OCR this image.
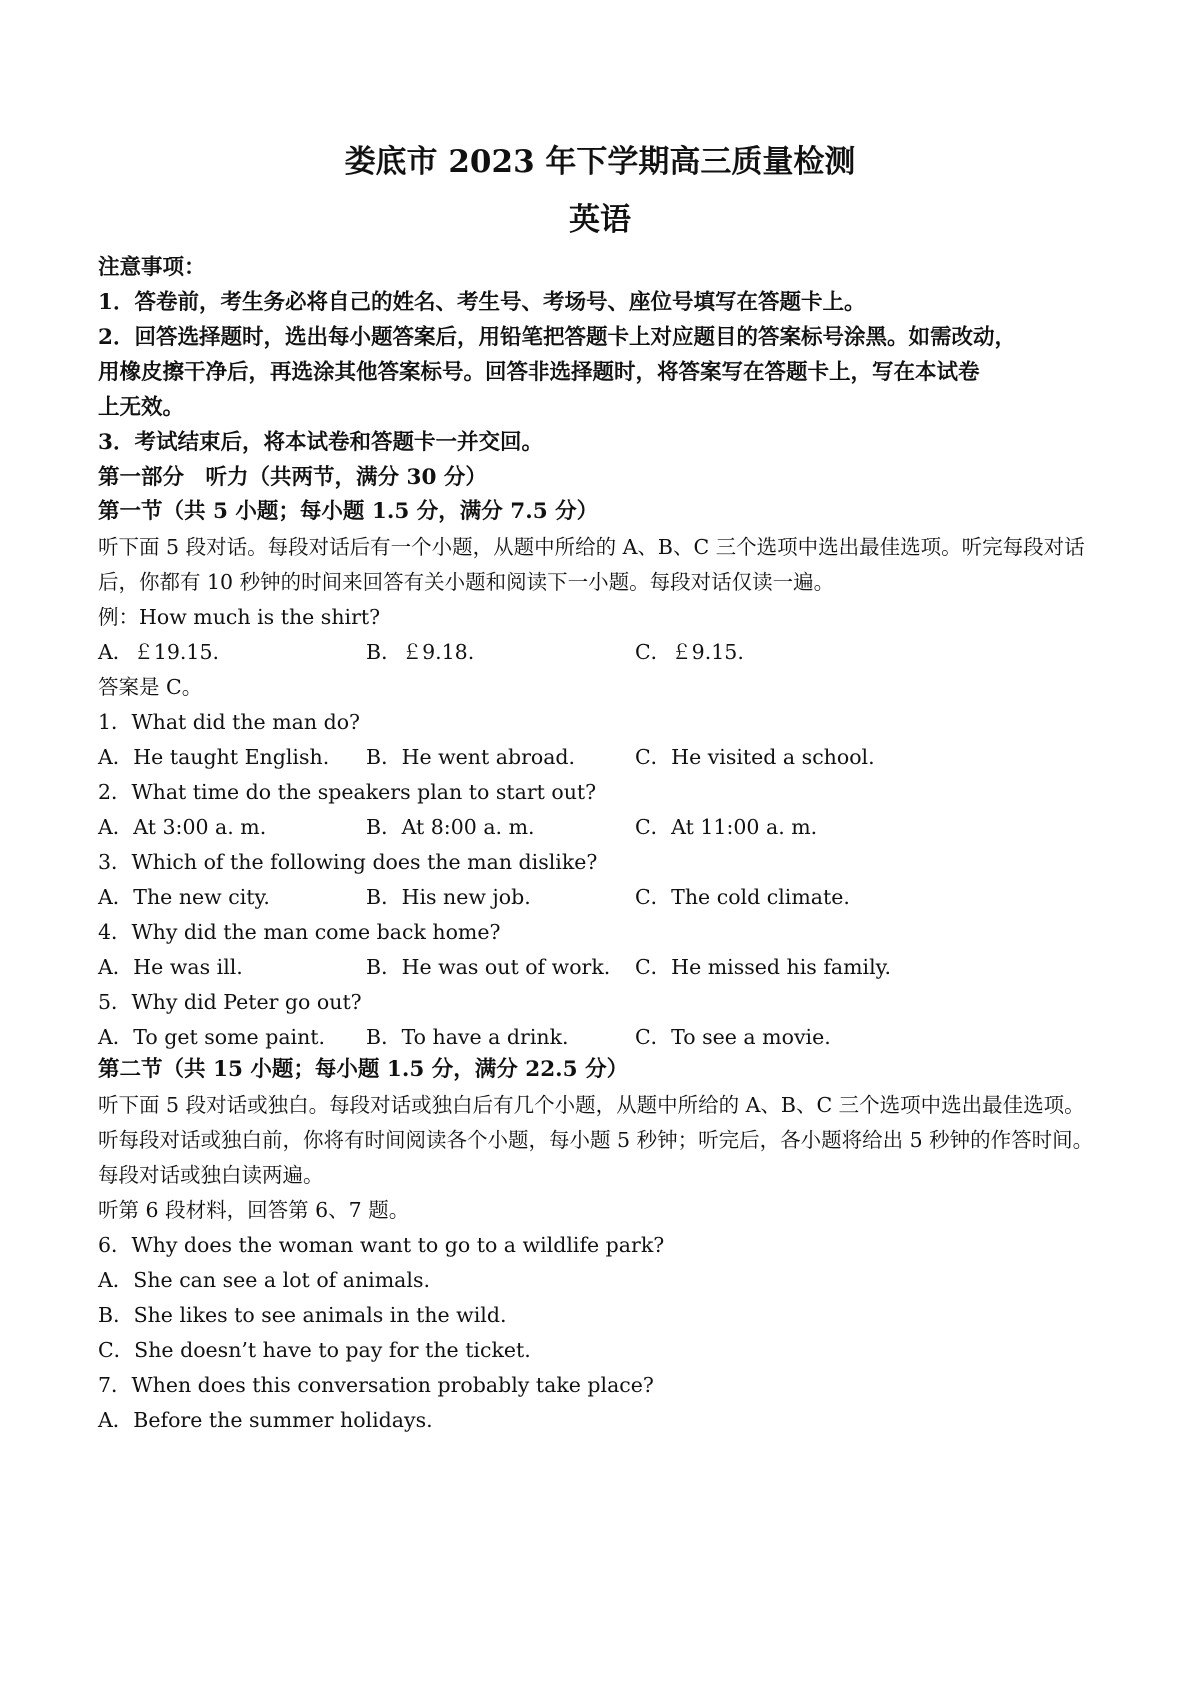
娄底市 2023 年下学期高三质量检测
英语
注意事项：
1．答卷前，考生务必将自己的姓名、考生号、考场号、座位号填写在答题卡上。
2．回答选择题时，选出每小题答案后，用铅笔把答题卡上对应题目的答案标号涂黑。如需改动，
用橡皮擦干净后，再选涂其他答案标号。回答非选择题时，将答案写在答题卡上，写在本试卷
上无效。
3．考试结束后，将本试卷和答题卡一并交回。
第一部分　听力（共两节，满分 30 分）
第一节（共 5 小题；每小题 1.5 分，满分 7.5 分）
听下面 5 段对话。每段对话后有一个小题，从题中所给的 A、B、C 三个选项中选出最佳选项。听完每段对话
后，你都有 10 秒钟的时间来回答有关小题和阅读下一小题。每段对话仅读一遍。
例：How much is the shirt?
A．￡19.15.	B．￡9.18.	C．￡9.15.
答案是 C。
1．What did the man do?
A．He taught English. B．He went abroad.	C．He visited a school.
2．What time do the speakers plan to start out?
A．At 3:00 a. m.	B．At 8:00 a. m.	C．At 11:00 a. m.
3．Which of the following does the man dislike?
A．The new city.	B．His new job.	C．The cold climate.
4．Why did the man come back home?
A．He was ill.	B．He was out of work. C．He missed his family.
5．Why did Peter go out?
A．To get some paint. B．To have a drink.	C．To see a movie.
第二节（共 15 小题；每小题 1.5 分，满分 22.5 分）
听下面 5 段对话或独白。每段对话或独白后有几个小题，从题中所给的 A、B、C 三个选项中选出最佳选项。
听每段对话或独白前，你将有时间阅读各个小题，每小题 5 秒钟；听完后，各小题将给出 5 秒钟的作答时间。
每段对话或独白读两遍。
听第 6 段材料，回答第 6、7 题。
6．Why does the woman want to go to a wildlife park?
A．She can see a lot of animals.
B．She likes to see animals in the wild.
C．She doesn’t have to pay for the ticket.
7．When does this conversation probably take place?
A．Before the summer holidays.
